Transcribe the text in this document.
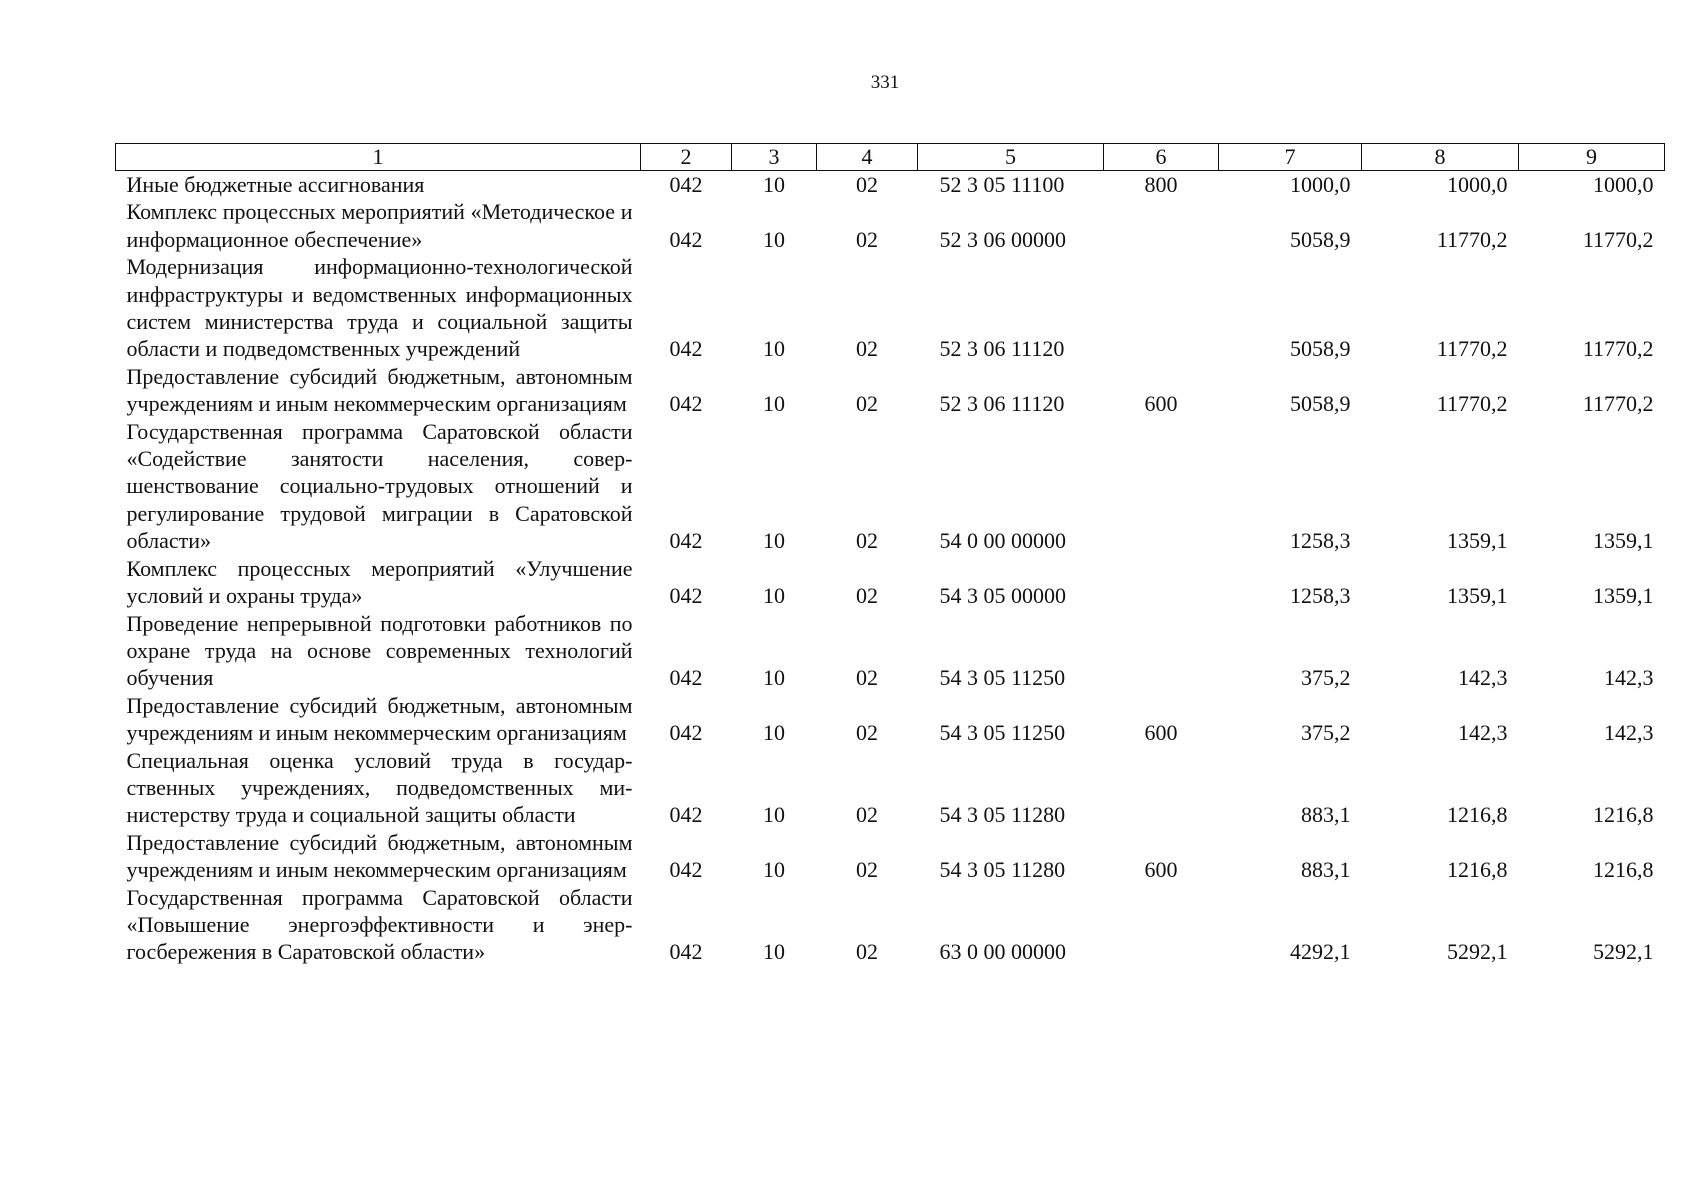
331
1	2	3	4	5	6	7	8	9

Иные бюджетные ассигнования	042	10	02	52 3 05 11100	800	1000,0	1000,0	1000,0

Комплекс процессных мероприятий «Методическое и информационное обеспечение»	042	10	02	52 3 06 00000		5058,9	11770,2	11770,2

Модернизация информационно-технологической инфраструктуры и ведомственных информационных систем министерства труда и социальной защиты области и подведомственных учреждений	042	10	02	52 3 06 11120		5058,9	11770,2	11770,2

Предоставление субсидий бюджетным, автономным учреждениям и иным некоммерческим организациям	042	10	02	52 3 06 11120	600	5058,9	11770,2	11770,2

Государственная программа Саратовской области «Содействие занятости населения, совершенствование социально-трудовых отношений и регулирование трудовой миграции в Саратовской области»	042	10	02	54 0 00 00000		1258,3	1359,1	1359,1

Комплекс процессных мероприятий «Улучшение условий и охраны труда»	042	10	02	54 3 05 00000		1258,3	1359,1	1359,1

Проведение непрерывной подготовки работников по охране труда на основе современных технологий обучения	042	10	02	54 3 05 11250		375,2	142,3	142,3

Предоставление субсидий бюджетным, автономным учреждениям и иным некоммерческим организациям	042	10	02	54 3 05 11250	600	375,2	142,3	142,3

Специальная оценка условий труда в государственных учреждениях, подведомственных министерству труда и социальной защиты области	042	10	02	54 3 05 11280		883,1	1216,8	1216,8

Предоставление субсидий бюджетным, автономным учреждениям и иным некоммерческим организациям	042	10	02	54 3 05 11280	600	883,1	1216,8	1216,8

Государственная программа Саратовской области «Повышение энергоэффективности и энергосбережения в Саратовской области»	042	10	02	63 0 00 00000		4292,1	5292,1	5292,1
